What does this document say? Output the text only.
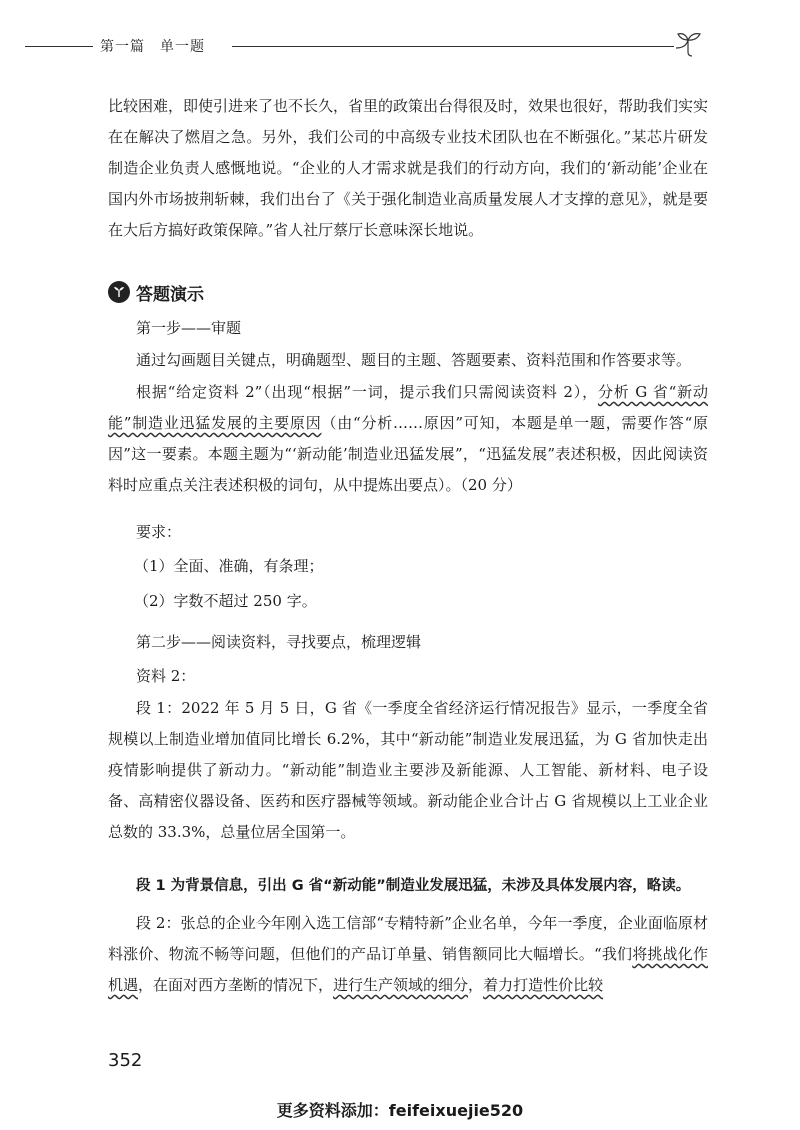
第一篇　单一题
比较困难，即使引进来了也不长久，省里的政策出台得很及时，效果也很好，帮助我们实实在在解决了燃眉之急。另外，我们公司的中高级专业技术团队也在不断强化。”某芯片研发制造企业负责人感慨地说。“企业的人才需求就是我们的行动方向，我们的‘新动能’企业在国内外市场披荆斩棘，我们出台了《关于强化制造业高质量发展人才支撑的意见》，就是要在大后方搞好政策保障。”省人社厅蔡厅长意味深长地说。
答题演示
第一步——审题
通过勾画题目关键点，明确题型、题目的主题、答题要素、资料范围和作答要求等。
根据“给定资料 2”（出现“根据”一词，提示我们只需阅读资料 2），分析 G 省“新动能”制造业迅猛发展的主要原因（由“分析……原因”可知，本题是单一题，需要作答“原因”这一要素。本题主题为“‘新动能’制造业迅猛发展”，“迅猛发展”表述积极，因此阅读资料时应重点关注表述积极的词句，从中提炼出要点）。（20 分）
要求：
（1）全面、准确，有条理；
（2）字数不超过 250 字。
第二步——阅读资料，寻找要点，梳理逻辑
资料 2：
段 1：2022 年 5 月 5 日，G 省《一季度全省经济运行情况报告》显示，一季度全省规模以上制造业增加值同比增长 6.2%，其中“新动能”制造业发展迅猛，为 G 省加快走出疫情影响提供了新动力。“新动能”制造业主要涉及新能源、人工智能、新材料、电子设备、高精密仪器设备、医药和医疗器械等领域。新动能企业合计占 G 省规模以上工业企业总数的 33.3%，总量位居全国第一。
段 1 为背景信息，引出 G 省“新动能”制造业发展迅猛，未涉及具体发展内容，略读。
段 2：张总的企业今年刚入选工信部“专精特新”企业名单，今年一季度，企业面临原材料涨价、物流不畅等问题，但他们的产品订单量、销售额同比大幅增长。“我们将挑战化作机遇，在面对西方垄断的情况下，进行生产领域的细分，着力打造性价比较
352
更多资料添加：feifeixuejie520
